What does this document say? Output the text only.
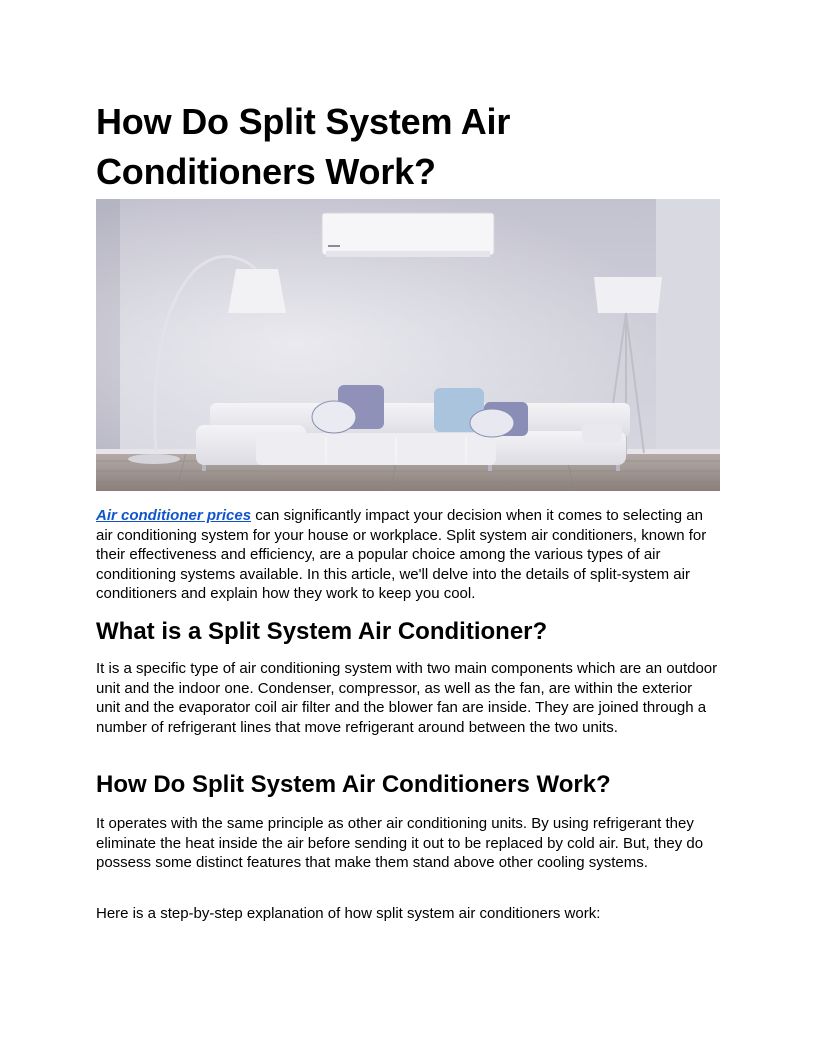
How Do Split System Air Conditioners Work?

Air conditioner prices can significantly impact your decision when it comes to selecting an air conditioning system for your house or workplace. Split system air conditioners, known for their effectiveness and efficiency, are a popular choice among the various types of air conditioning systems available. In this article, we'll delve into the details of split-system air conditioners and explain how they work to keep you cool.

What is a Split System Air Conditioner?

It is a specific type of air conditioning system with two main components which are an outdoor unit and the indoor one. Condenser, compressor, as well as the fan, are within the exterior unit and the evaporator coil air filter and the blower fan are inside. They are joined through a number of refrigerant lines that move refrigerant around between the two units.

How Do Split System Air Conditioners Work?

It operates with the same principle as other air conditioning units. By using refrigerant they eliminate the heat inside the air before sending it out to be replaced by cold air. But, they do possess some distinct features that make them stand above other cooling systems.

Here is a step-by-step explanation of how split system air conditioners work:
